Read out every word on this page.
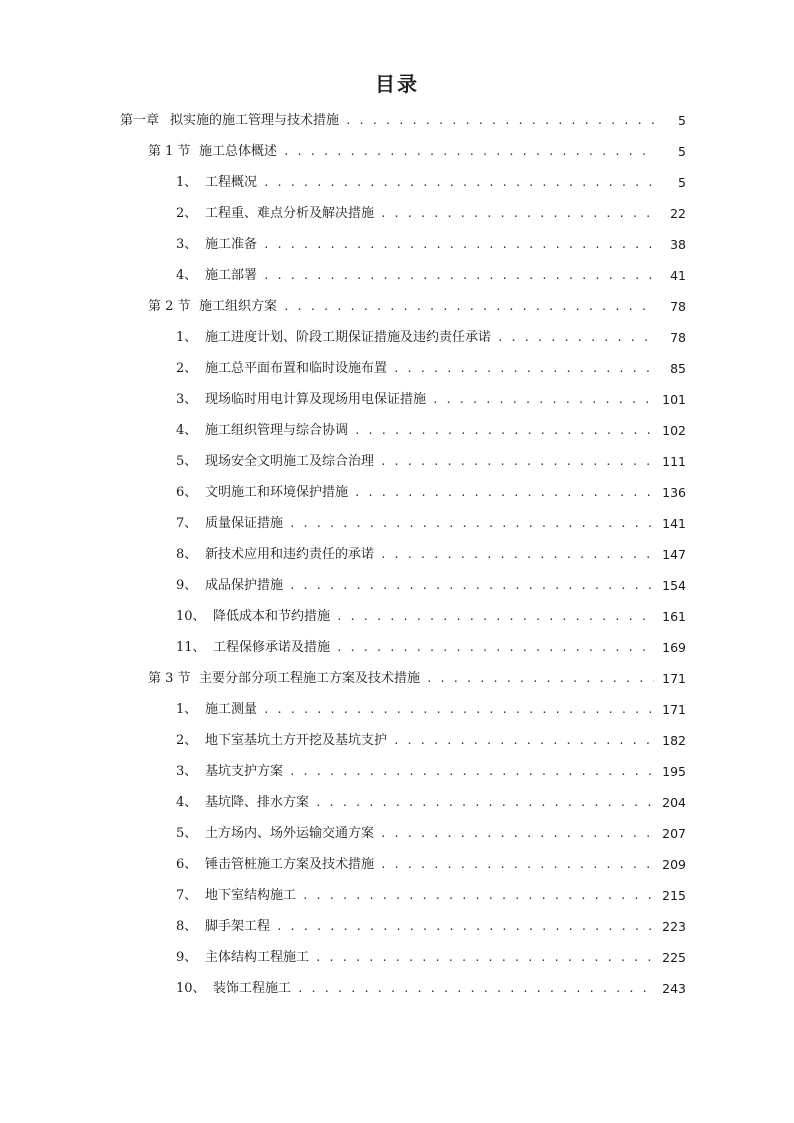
目录
第一章 拟实施的施工管理与技术措施 . . .	5
第 1 节 施工总体概述 . . .	5
1、 工程概况 . . .	5
2、 工程重、难点分析及解决措施 . . .	22
3、 施工准备 . . .	38
4、 施工部署 . . .	41
第 2 节 施工组织方案 . . .	78
1、 施工进度计划、阶段工期保证措施及违约责任承诺 . . .	78
2、 施工总平面布置和临时设施布置 . . .	85
3、 现场临时用电计算及现场用电保证措施 . . .	101
4、 施工组织管理与综合协调 . . .	102
5、 现场安全文明施工及综合治理 . . .	111
6、 文明施工和环境保护措施 . . .	136
7、 质量保证措施 . . .	141
8、 新技术应用和违约责任的承诺 . . .	147
9、 成品保护措施 . . .	154
10、 降低成本和节约措施 . . .	161
11、 工程保修承诺及措施 . . .	169
第 3 节 主要分部分项工程施工方案及技术措施 . . .	171
1、 施工测量 . . .	171
2、 地下室基坑土方开挖及基坑支护 . . .	182
3、 基坑支护方案 . . .	195
4、 基坑降、排水方案 . . .	204
5、 土方场内、场外运输交通方案 . . .	207
6、 锤击管桩施工方案及技术措施 . . .	209
7、 地下室结构施工 . . .	215
8、 脚手架工程 . . .	223
9、 主体结构工程施工 . . .	225
10、 装饰工程施工 . . .	243
